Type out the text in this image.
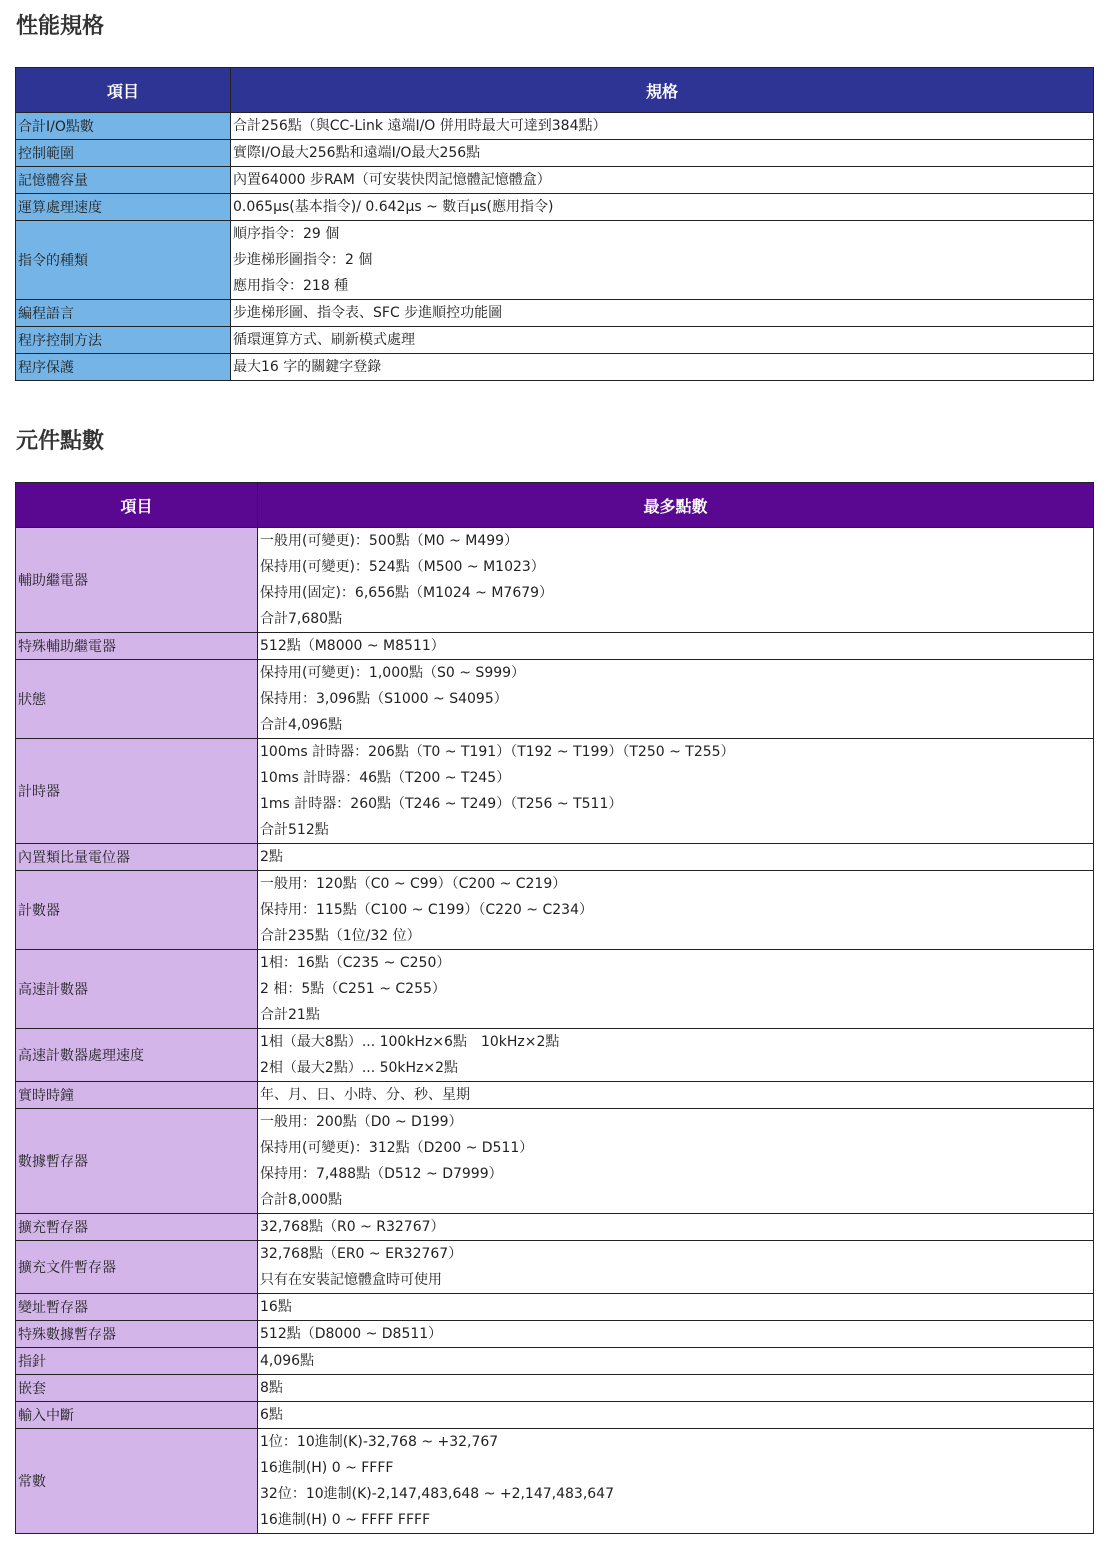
性能規格
項目	規格
合計I/O點數	合計256點（與CC-Link 遠端I/O 併用時最大可達到384點）

控制範圍	實際I/O最大256點和遠端I/O最大256點

記憶體容量	內置64000 步RAM（可安裝快閃記憶體記憶體盒）

運算處理速度	0.065μs(基本指令)/ 0.642μs ~ 數百μs(應用指令)

指令的種類	順序指令：29 個
步進梯形圖指令：2 個
應用指令：218 種

編程語言	步進梯形圖、指令表、SFC 步進順控功能圖

程序控制方法	循環運算方式、刷新模式處理

程序保護	最大16 字的關鍵字登錄
元件點數
項目	最多點數
輔助繼電器	一般用(可變更)：500點（M0 ~ M499）
保持用(可變更)：524點（M500 ~ M1023）
保持用(固定)：6,656點（M1024 ~ M7679）
合計7,680點

特殊輔助繼電器	512點（M8000 ~ M8511）

狀態	保持用(可變更)：1,000點（S0 ~ S999）
保持用：3,096點（S1000 ~ S4095）
合計4,096點

計時器	100ms 計時器：206點（T0 ~ T191）（T192 ~ T199）（T250 ~ T255）
10ms 計時器：46點（T200 ~ T245）
1ms 計時器：260點（T246 ~ T249）（T256 ~ T511）
合計512點

內置類比量電位器	2點

計數器	一般用：120點（C0 ~ C99）（C200 ~ C219）
保持用：115點（C100 ~ C199）（C220 ~ C234）
合計235點（1位/32 位）

高速計數器	1相：16點（C235 ~ C250）
2 相：5點（C251 ~ C255）
合計21點

高速計數器處理速度	1相（最大8點）... 100kHz×6點　10kHz×2點
2相（最大2點）... 50kHz×2點

實時時鐘	年、月、日、小時、分、秒、星期

數據暫存器	一般用：200點（D0 ~ D199）
保持用(可變更)：312點（D200 ~ D511）
保持用：7,488點（D512 ~ D7999）
合計8,000點

擴充暫存器	32,768點（R0 ~ R32767）

擴充文件暫存器	32,768點（ER0 ~ ER32767）
只有在安裝記憶體盒時可使用

變址暫存器	16點

特殊數據暫存器	512點（D8000 ~ D8511）

指針	4,096點

嵌套	8點

輸入中斷	6點

常數	1位：10進制(K)-32,768 ~ +32,767
16進制(H) 0 ~ FFFF
32位：10進制(K)-2,147,483,648 ~ +2,147,483,647
16進制(H) 0 ~ FFFF FFFF
